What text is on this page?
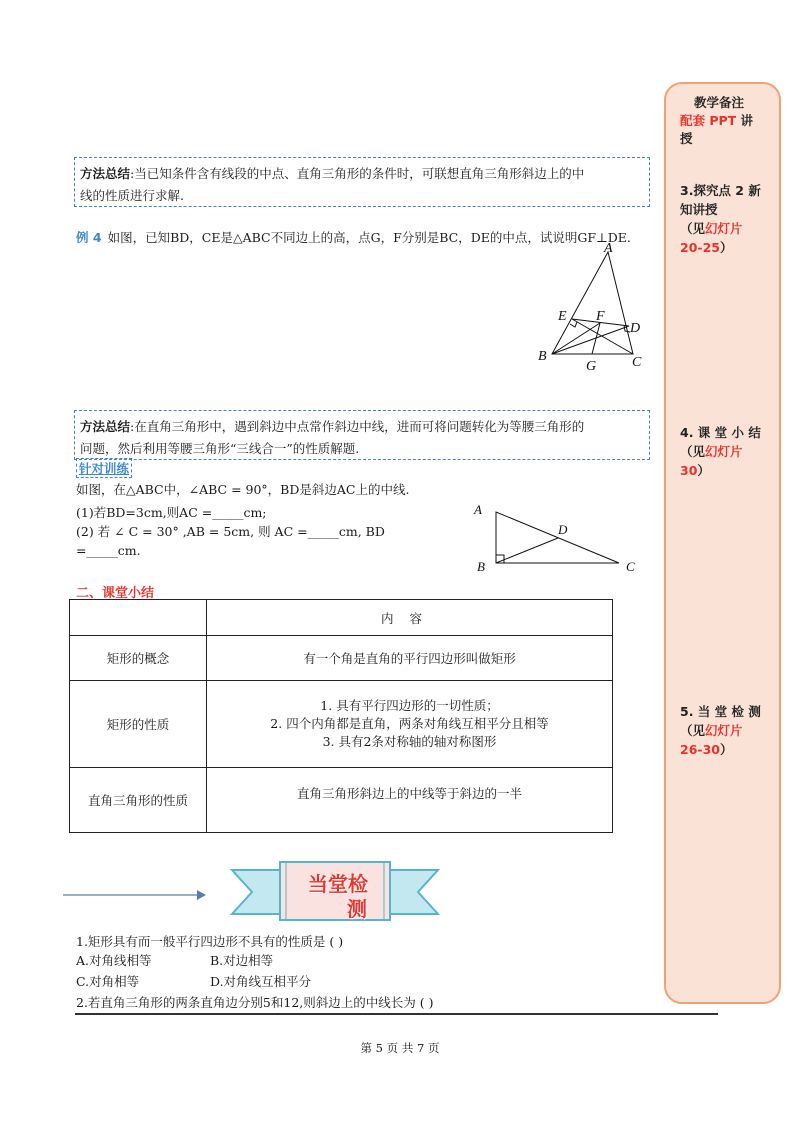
方法总结:当已知条件含有线段的中点、直角三角形的条件时，可联想直角三角形斜边上的中
线的性质进行求解.
例 4 如图，已知BD，CE是△ABC不同边上的高，点G，F分别是BC，DE的中点，试说明GF⊥DE.
A
E F
D
B
G	C
方法总结:在直角三角形中，遇到斜边中点常作斜边中线，进而可将问题转化为等腰三角形的
问题，然后利用等腰三角形“三线合一”的性质解题.
针对训练
如图，在△ABC中，∠ABC = 90°，BD是斜边AC上的中线.
(1)若BD=3cm,则AC =_____cm;
(2) 若 ∠ C = 30° ,AB = 5cm, 则 AC =_____cm, BD
=_____cm.
A
D
B	C
二、课堂小结
	内容
矩形的概念	有一个角是直角的平行四边形叫做矩形
矩形的性质	1. 具有平行四边形的一切性质；
2. 四个内角都是直角，两条对角线互相平分且相等
3. 具有2条对称轴的轴对称图形

直角三角形的性质	直角三角形斜边上的中线等于斜边的一半
当堂检
测
1.矩形具有而一般平行四边形不具有的性质是 ( )
A.对角线相等	B.对边相等
C.对角相等	D.对角线互相平分
2.若直角三角形的两条直角边分别5和12,则斜边上的中线长为 ( )
教学备注
配套 PPT 讲
授
3.探究点 2 新
知讲授
（见幻灯片
20-25）
4. 课 堂 小 结
（见幻灯片
30）
5. 当 堂 检 测
（见幻灯片
26-30）
第 5 页 共 7 页
